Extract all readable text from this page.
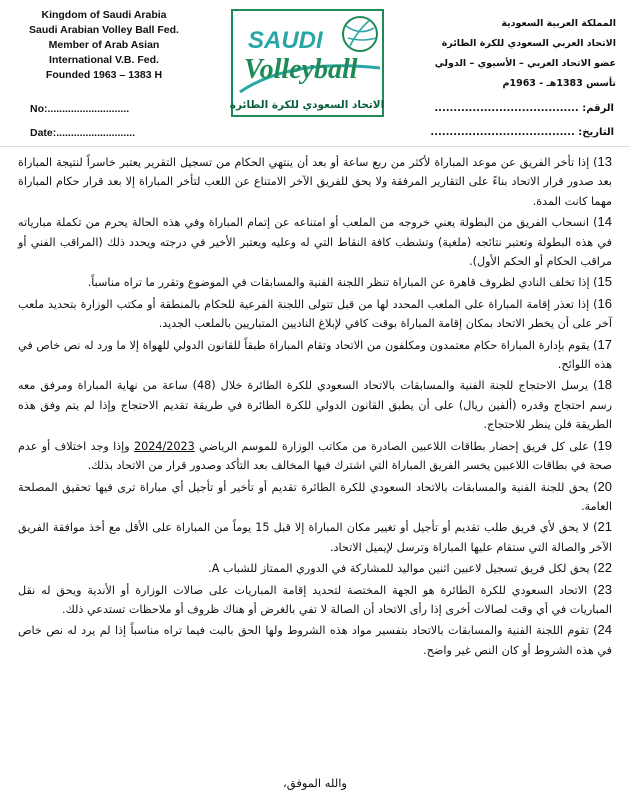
Kingdom of Saudi Arabia
Saudi Arabian Volley Ball Fed.
Member of Arab Asian
International V.B. Fed.
Founded 1963 – 1383 H
SAUDI
Volleyball
الاتحاد السعودي للكرة الطائرة
المملكة العربية السعودية
الاتحاد العربي السعودي للكرة الطائرة
عضو الاتحاد العربي – الأسيوي – الدولي
تأسس 1383هـ - 1963م
No:............................
Date:...........................
الرقم: ......................................
التاريخ: ......................................

13) إذا تأخر الفريق عن موعد المباراة لأكثر من ربع ساعة أو بعد أن ينتهي الحكام من تسجيل التقرير يعتبر خاسراً لنتيجة المباراة بعد صدور قرار الاتحاد بناءً على التقارير المرفقة ولا يحق للفريق الآخر الامتناع عن اللعب لتأخر المباراة إلا بعد قرار حكام المباراة مهما كانت المدة.

14) انسحاب الفريق من البطولة يعني خروجه من الملعب أو امتناعه عن إتمام المباراة وفي هذه الحالة يحرم من تكملة مبارياته في هذه البطولة وتعتبر نتائجه (ملغية) وتشطب كافة النقاط التي له وعليه ويعتبر الأخير في درجته ويحدد ذلك (المراقب الفني أو مراقب الحكام أو الحكم الأول).

15) إذا تخلف النادي لظروف قاهرة عن المباراة تنظر اللجنة الفنية والمسابقات في الموضوع وتقرر ما تراه مناسباً.

16) إذا تعذر إقامة المباراة على الملعب المحدد لها من قبل تتولى اللجنة الفرعية للحكام بالمنطقة أو مكتب الوزارة بتحديد ملعب آخر على أن يخطر الاتحاد بمكان إقامة المباراة بوقت كافي لإبلاغ الناديين المتباريين بالملعب الجديد.

17) يقوم بإدارة المباراة حكام معتمدون ومكلفون من الاتحاد وتقام المباراة طبقاً للقانون الدولي للهواة إلا ما ورد له نص خاص في هذه اللوائح.

18) يرسل الاحتجاج للجنة الفنية والمسابقات بالاتحاد السعودي للكرة الطائرة خلال (48) ساعة من نهاية المباراة ومرفق معه رسم احتجاج وقدره (ألفين ريال) على أن يطبق القانون الدولي للكرة الطائرة في طريقة تقديم الاحتجاج وإذا لم يتم وفق هذه الطريقة فلن ينظر للاحتجاج.

19) على كل فريق إحضار بطاقات اللاعبين الصادرة من مكاتب الوزارة للموسم الرياضي 2024/2023 وإذا وجد اختلاف أو عدم صحة في بطاقات اللاعبين يخسر الفريق المباراة التي اشترك فيها المخالف بعد التأكد وصدور قرار من الاتحاد بذلك.

20) يحق للجنة الفنية والمسابقات بالاتحاد السعودي للكرة الطائرة تقديم أو تأخير أو تأجيل أي مباراة ترى فيها تحقيق المصلحة العامة.

21) لا يحق لأي فريق طلب تقديم أو تأجيل أو تغيير مكان المباراة إلا قبل 15 يوماً من المباراة على الأقل مع أخذ موافقة الفريق الآخر والصالة التي ستقام عليها المباراة وترسل لإيميل الاتحاد.

22) يحق لكل فريق تسجيل لاعبين اثنين مواليد للمشاركة في الدوري الممتاز للشباب A.

23) الاتحاد السعودي للكرة الطائرة هو الجهة المختصة لتحديد إقامة المباريات على صالات الوزارة أو الأندية ويحق له نقل المباريات في أي وقت لصالات أخرى إذا رأى الاتحاد أن الصالة لا تفي بالغرض أو هناك ظروف أو ملاحظات تستدعي ذلك.

24) تقوم اللجنة الفنية والمسابقات بالاتحاد بتفسير مواد هذه الشروط ولها الحق بالبت فيما تراه مناسباً إذا لم يرد له نص خاص في هذه الشروط أو كان النص غير واضح.

والله الموفق،
